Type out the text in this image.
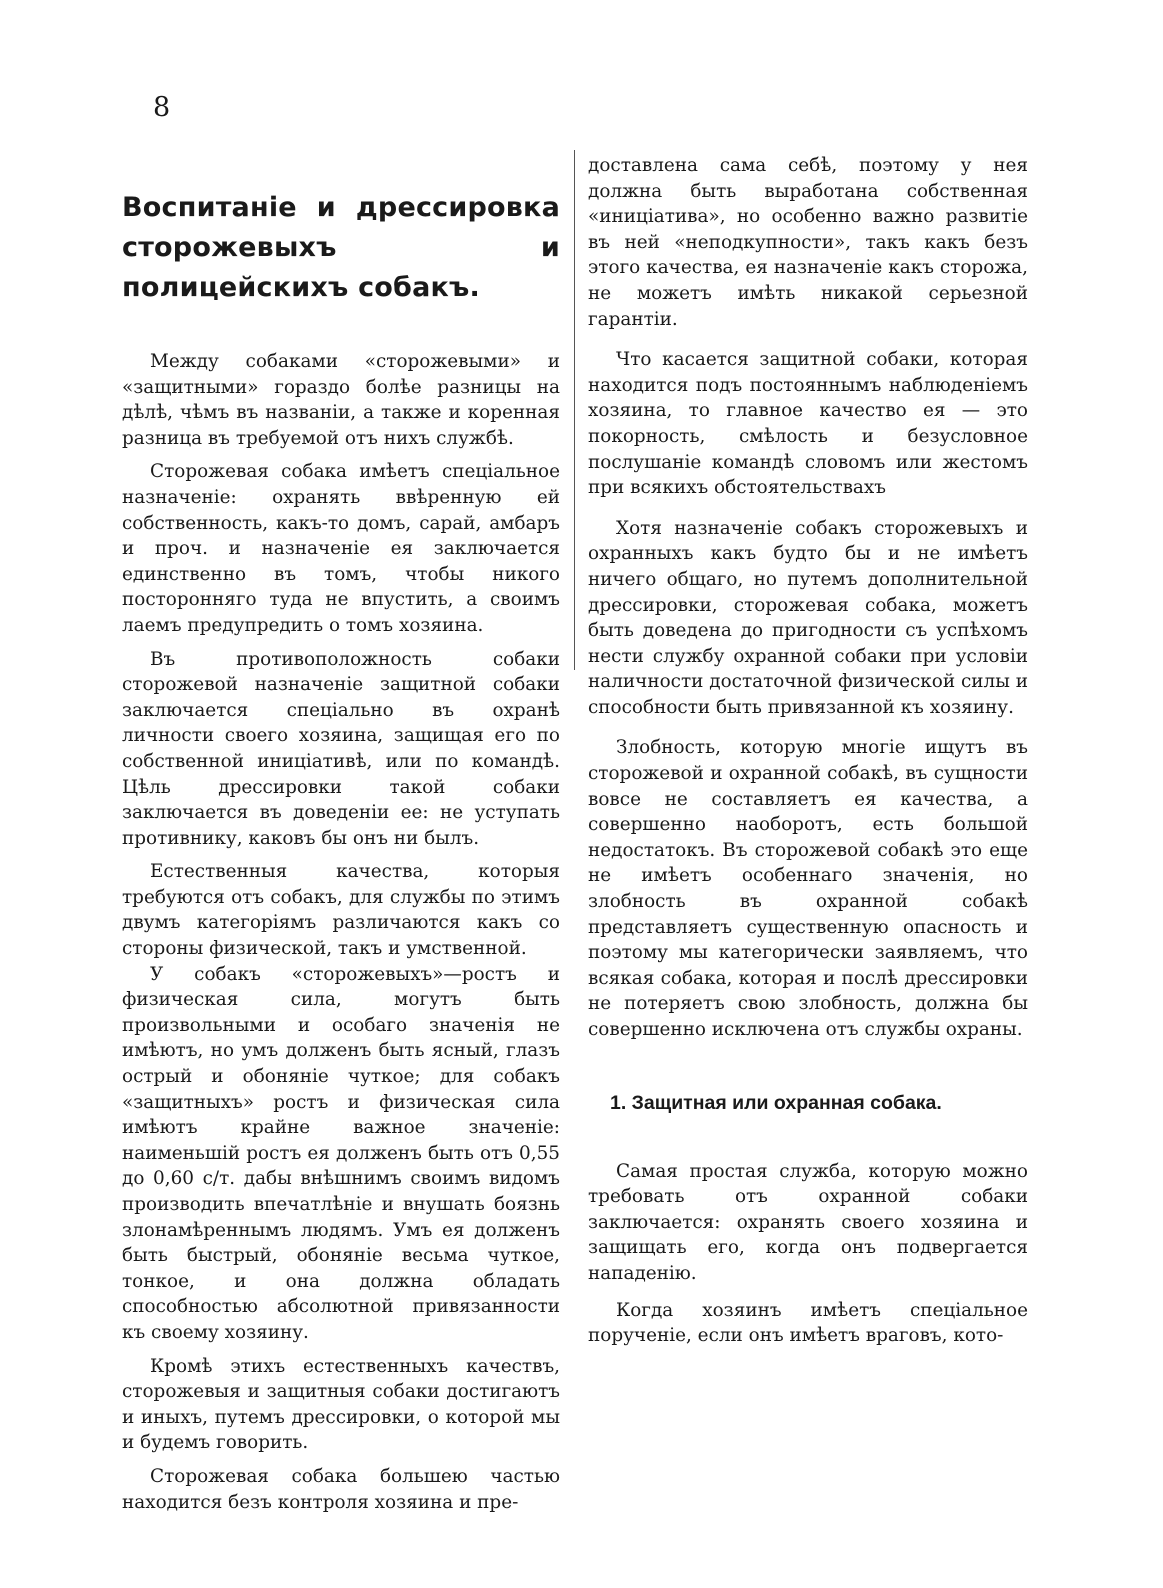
8
Воспитаніе и дрессировка сторожевыхъ и полицейскихъ собакъ.

Между собаками «сторожевыми» и «защитными» гораздо болѣе разницы на дѣлѣ, чѣмъ въ названіи, а также и коренная разница въ требуемой отъ нихъ службѣ.

Сторожевая собака имѣетъ спеціальное назначеніе: охранять ввѣренную ей собственность, какъ-то домъ, сарай, амбаръ и проч. и назначеніе ея заключается единственно въ томъ, чтобы никого посторонняго туда не впустить, а своимъ лаемъ предупредить о томъ хозяина.

Въ противоположность собаки сторожевой назначеніе защитной собаки заключается спеціально въ охранѣ личности своего хозяина, защищая его по собственной иниціативѣ, или по командѣ. Цѣль дрессировки такой собаки заключается въ доведеніи ее: не уступать противнику, каковъ бы онъ ни былъ.

Естественныя качества, которыя требуются отъ собакъ, для службы по этимъ двумъ категоріямъ различаются какъ со стороны физической, такъ и умственной.

У собакъ «сторожевыхъ»—ростъ и физическая сила, могутъ быть произвольными и особаго значенія не имѣютъ, но умъ долженъ быть ясный, глазъ острый и обоняніе чуткое; для собакъ «защитныхъ» ростъ и физическая сила имѣютъ крайне важное значеніе: наименьшій ростъ ея долженъ быть отъ 0,55 до 0,60 с/т. дабы внѣшнимъ своимъ видомъ производить впечатлѣніе и внушать боязнь злонамѣреннымъ людямъ. Умъ ея долженъ быть быстрый, обоняніе весьма чуткое, тонкое, и она должна обладать способностью абсолютной привязанности къ своему хозяину.

Кромѣ этихъ естественныхъ качествъ, сторожевыя и защитныя собаки достигаютъ и иныхъ, путемъ дрессировки, о которой мы и будемъ говорить.

Сторожевая собака большею частью находится безъ контроля хозяина и пре-

доставлена сама себѣ, поэтому у нея должна быть выработана собственная «иниціатива», но особенно важно развитіе въ ней «неподкупности», такъ какъ безъ этого качества, ея назначеніе какъ сторожа, не можетъ имѣть никакой серьезной гарантіи.

Что касается защитной собаки, которая находится подъ постояннымъ наблюденіемъ хозяина, то главное качество ея — это покорность, смѣлость и безусловное послушаніе командѣ словомъ или жестомъ при всякихъ обстоятельствахъ

Хотя назначеніе собакъ сторожевыхъ и охранныхъ какъ будто бы и не имѣетъ ничего общаго, но путемъ дополнительной дрессировки, сторожевая собака, можетъ быть доведена до пригодности съ успѣхомъ нести службу охранной собаки при условіи наличности достаточной физической силы и способности быть привязанной къ хозяину.

Злобность, которую многіе ищутъ въ сторожевой и охранной собакѣ, въ сущности вовсе не составляетъ ея качества, а совершенно наоборотъ, есть большой недостатокъ. Въ сторожевой собакѣ это еще не имѣетъ особеннаго значенія, но злобность въ охранной собакѣ представляетъ существенную опасность и поэтому мы категорически заявляемъ, что всякая собака, которая и послѣ дрессировки не потеряетъ свою злобность, должна бы совершенно исключена отъ службы охраны.

1. Защитная или охранная собака.

Самая простая служба, которую можно требовать отъ охранной собаки заключается: охранять своего хозяина и защищать его, когда онъ подвергается нападенію.

Когда хозяинъ имѣетъ спеціальное порученіе, если онъ имѣетъ враговъ, кото-
